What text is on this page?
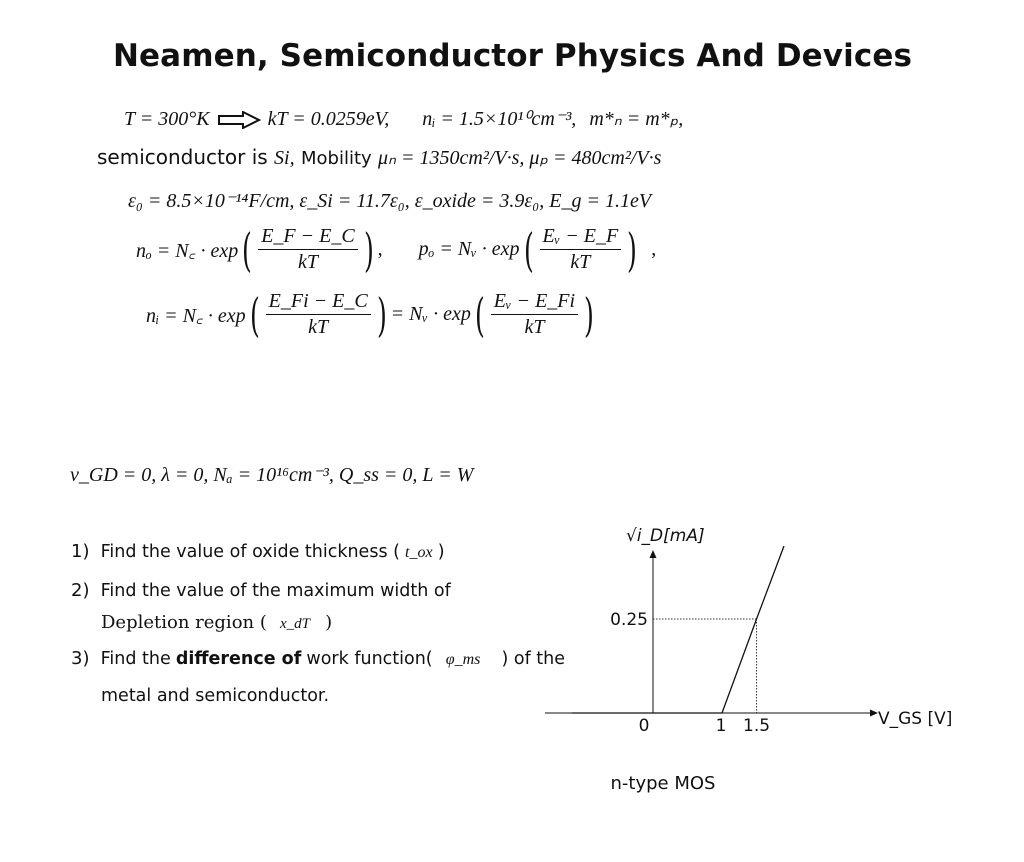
Neamen, Semiconductor Physics And Devices
T = 300°K	kT = 0.0259eV, nᵢ = 1.5×10¹⁰cm⁻³, m*ₙ = m*ₚ,
semiconductor is Si, Mobility μₙ = 1350cm²/V·s, μₚ = 480cm²/V·s
ε₀ = 8.5×10⁻¹⁴F/cm, ε_Si = 11.7ε₀, ε_oxide = 3.9ε₀, E_g = 1.1eV
nₒ = N꜀ · exp ( $\frac{E\_F - E\_C}{kT}$ ) , pₒ = Nᵥ · exp ( $\frac{\text{Eᵥ − E\_F}}{kT}$ ) ,
nᵢ = N꜀ · exp ( $\frac{E\_Fi - E\_C}{kT}$ ) = Nᵥ · exp ( $\frac{\text{Eᵥ − E\_Fi}}{kT}$ )
v_GD = 0, λ = 0, Nₐ = 10¹⁶cm⁻³, Q_ss = 0, L = W
1) Find the value of oxide thickness ( t_ox )
2) Find the value of the maximum width of
Depletion region ( x_dT )
3) Find the difference of work function( φ_ms ) of the
metal and semiconductor.
0.25
0	1 1.5
√i_D[mA]
V_GS [V]
n-type MOS
